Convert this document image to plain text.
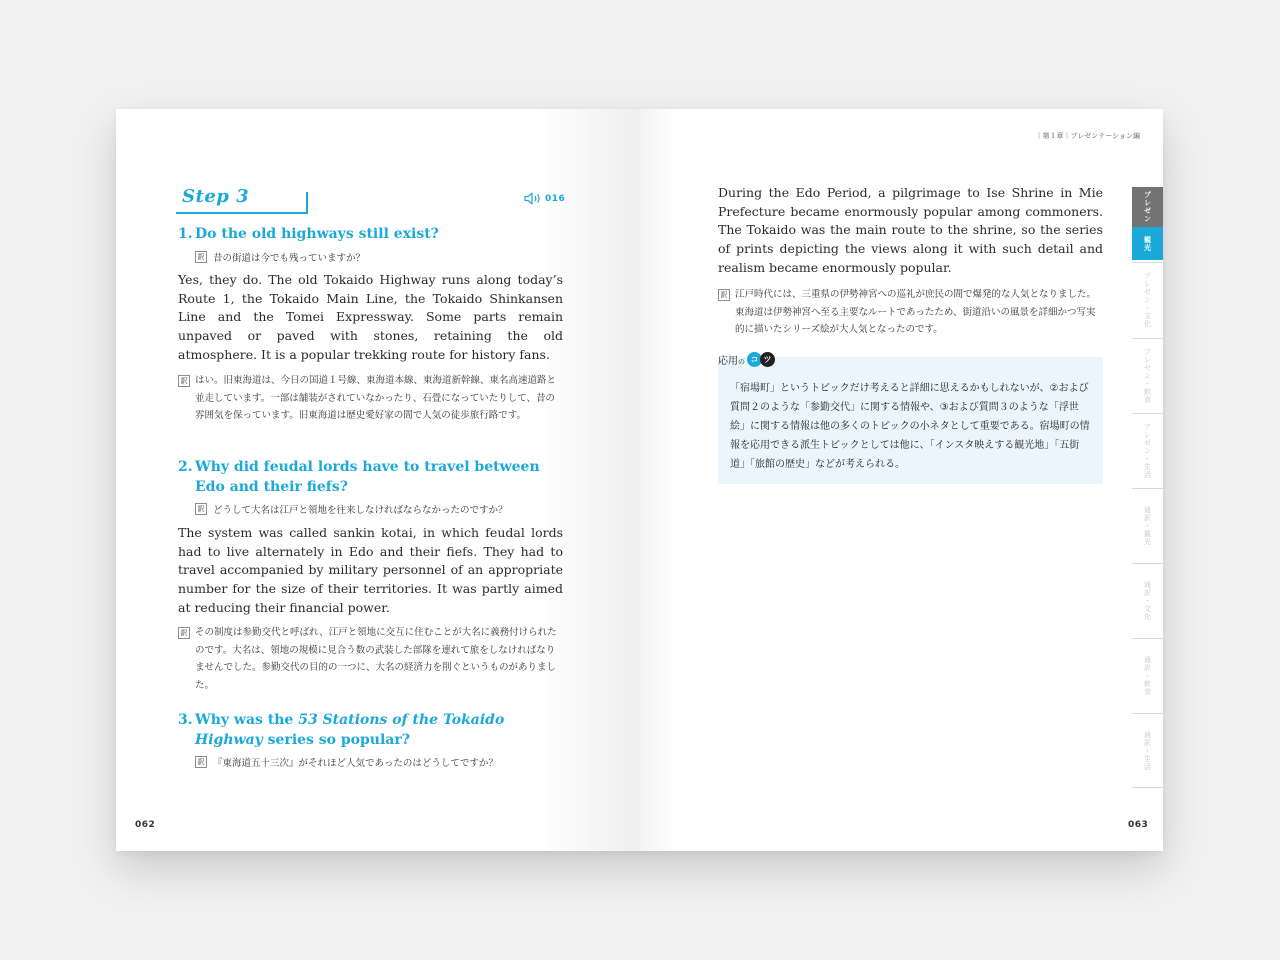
Step 3	016
1. Do the old highways still exist?
訳 昔の街道は今でも残っていますか？

Yes, they do. The old Tokaido Highway runs along today’s Route 1, the Tokaido Main Line, the Tokaido Shinkansen Line and the Tomei Expressway. Some parts remain unpaved or paved with stones, retaining the old atmosphere. It is a popular trekking route for history fans.

訳 はい。旧東海道は、今日の国道１号線、東海道本線、東海道新幹線、東名高速道路と並走しています。一部は舗装がされていなかったり、石畳になっていたりして、昔の雰囲気を保っています。旧東海道は歴史愛好家の間で人気の徒歩旅行路です。
2. Why did feudal lords have to travel between Edo and their fiefs?
訳 どうして大名は江戸と領地を往来しなければならなかったのですか？

The system was called sankin kotai, in which feudal lords had to live alternately in Edo and their fiefs. They had to travel accompanied by military personnel of an appropriate number for the size of their territories. It was partly aimed at reducing their financial power.

訳 その制度は参勤交代と呼ばれ、江戸と領地に交互に住むことが大名に義務付けられたのです。大名は、領地の規模に見合う数の武装した部隊を連れて旅をしなければなりませんでした。参勤交代の目的の一つに、大名の経済力を削ぐというものがありました。
3. Why was the 53 Stations of the Tokaido Highway series so popular?
訳 『東海道五十三次』がそれほど人気であったのはどうしてですか？
062
｜第１章｜プレゼンテーション編

During the Edo Period, a pilgrimage to Ise Shrine in Mie Prefecture became enormously popular among commoners. The Tokaido was the main route to the shrine, so the series of prints depicting the views along it with such detail and realism became enormously popular.

訳 江戸時代には、三重県の伊勢神宮への巡礼が庶民の間で爆発的な人気となりました。東海道は伊勢神宮へ至る主要なルートであったため、街道沿いの風景を詳細かつ写実的に描いたシリーズ絵が大人気となったのです。
「宿場町」というトピックだけ考えると詳細に思えるかもしれないが、②および質問２のような「参勤交代」に関する情報や、③および質問３のような「浮世絵」に関する情報は他の多くのトピックの小ネタとして重要である。宿場町の情報を応用できる派生トピックとしては他に、「インスタ映えする観光地」「五街道」「旅館の歴史」などが考えられる。
応用の コ ツ
プレゼン
観光
プレゼン・文化
プレゼン・飲食
プレゼン・生活
通訳・観光
通訳・文化
通訳・飲食
通訳・生活
063
